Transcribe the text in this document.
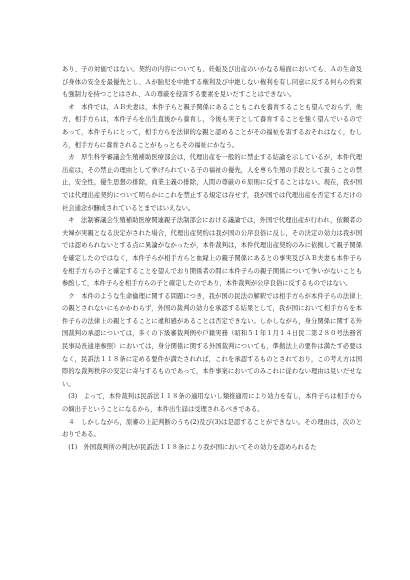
あり、子の対価ではない。契約の内容についても、妊娠及び出産のいかなる場面においても、Ａの生命及び身体の安全を最優先とし、Ａが胎児を中絶する権利及び中絶しない権利を有し同意に反する何らの約束も強制力を持つことはされ、Ａの尊厳を侵害する要素を見いだすことはできない。

オ　本件では，ＡＢ夫妻は，本件子らと親子関係にあることもこれを養育することも望んでおらず，他方，相手方らは，本件子らを出生直後から養育し，今後も実子として養育することを強く望んでいるのであって，本件子らにとって，相手方らを法律的な親と認めることがその福祉を害するおそれはなく，むしろ，相手方らに養育されることがもっともその福祉にかなう。

カ　厚生科学審議会生殖補助医療部会は，代理出産を一般的に禁止する結論を示しているが，本件代理出産は，その禁止の理由として挙げられている子の福祉の優先，人を専ら生殖の手段として扱うことの禁止，安全性，優生思想の排除，商業主義の排除，人間の尊厳の６原則に反することはない。現在，我が国では代理出産契約について明らかにこれを禁止する規定は存せず，我が国では代理出産を否定するだけの社会通念が醸成されているとまではいえない。

キ　法制審議会生殖補助医療関連親子法制部会における議論では，外国で代理出産が行われ，依頼者の夫婦が実親となる決定がされた場合，代理出産契約は我が国の公序良俗に反し，その決定の効力は我が国では認められないとする点に異論がなかったが，本件裁判は，本件代理出産契約のみに依拠して親子関係を確定したのではなく，本件子らが相手方らと血縁上の親子関係にあるとの事実及びＡＢ夫妻も本件子らを相手方らの子と確定することを望んでおり関係者の間に本件子らの親子関係について争いがないことも参酌して，本件子らを相手方らの子と確定したのであり，本件裁判が公序良俗に反するものではない。

ク　本件のような生命倫理に関する問題につき，我が国の民法の解釈では相手方らが本件子らの法律上の親とされないにもかかわらず，外国の裁判の効力を承認する結果として，我が国において相手方らを本件子らの法律上の親とすることに違和感があることは否定できない。しかしながら，身分関係に関する外国裁判の承認については，多くの下級審裁判例や戸籍実務（昭和５１年１月１４日民二第２８０号法務省民事局長通達参照）においては，身分関係に関する外国裁判についても，準拠法上の要件は満たす必要はなく，民訴法１１８条に定める要件が満たされれば，これを承認するものとされており，この考え方は国際的な裁判秩序の安定に寄与するものであって，本件事案においてのみこれに従わない理由は見いだせない。

(3)　よって，本件裁判は民訴法１１８条の適用ないし類推適用により効力を有し，本件子らは相手方らの嫡出子ということになるから，本件出生届は受理されるべきである。

４　しかしながら，原審の上記判断のうち(2)及び(3)は是認することができない。その理由は，次のとおりである。

(1)　外国裁判所の判決が民訴法１１８条により我が国においてその効力を認められるた
